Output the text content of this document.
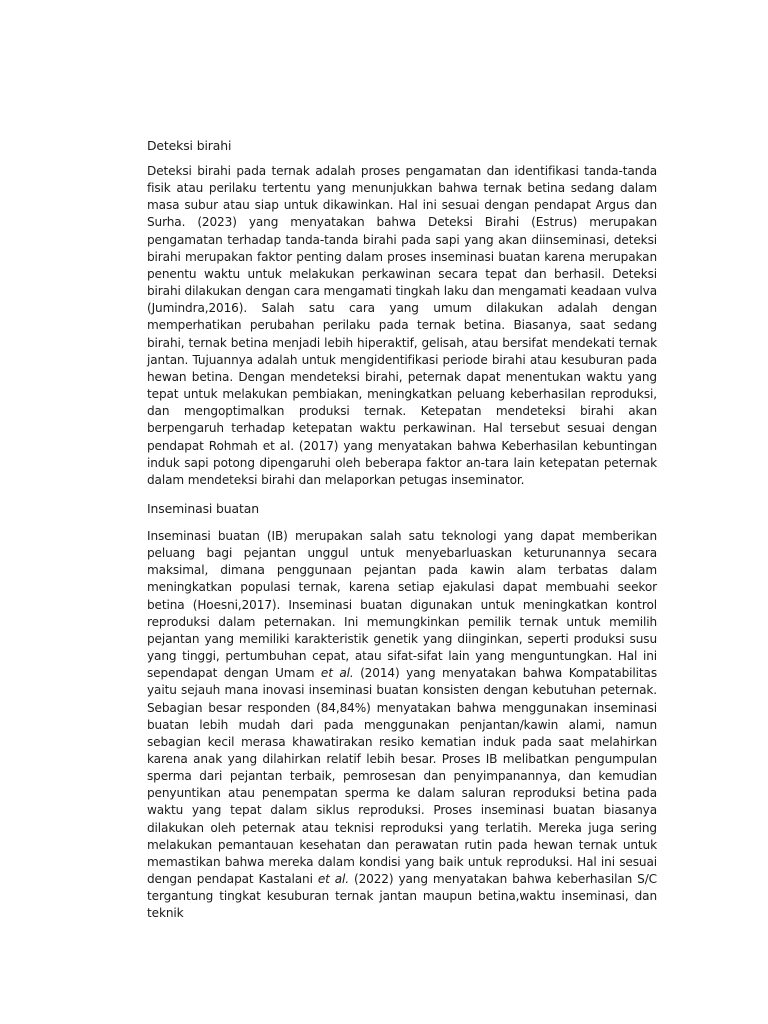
Deteksi birahi

Deteksi birahi pada ternak adalah proses pengamatan dan identifikasi tanda-tanda fisik atau perilaku tertentu yang menunjukkan bahwa ternak betina sedang dalam masa subur atau siap untuk dikawinkan. Hal ini sesuai dengan pendapat Argus dan Surha. (2023) yang menyatakan bahwa Deteksi Birahi (Estrus) merupakan pengamatan terhadap tanda-tanda birahi pada sapi yang akan diinseminasi, deteksi birahi merupakan faktor penting dalam proses inseminasi buatan karena merupakan penentu waktu untuk melakukan perkawinan secara tepat dan berhasil. Deteksi birahi dilakukan dengan cara mengamati tingkah laku dan mengamati keadaan vulva (Jumindra,2016). Salah satu cara yang umum dilakukan adalah dengan memperhatikan perubahan perilaku pada ternak betina. Biasanya, saat sedang birahi, ternak betina menjadi lebih hiperaktif, gelisah, atau bersifat mendekati ternak jantan. Tujuannya adalah untuk mengidentifikasi periode birahi atau kesuburan pada hewan betina. Dengan mendeteksi birahi, peternak dapat menentukan waktu yang tepat untuk melakukan pembiakan, meningkatkan peluang keberhasilan reproduksi, dan mengoptimalkan produksi ternak. Ketepatan mendeteksi birahi akan berpengaruh terhadap ketepatan waktu perkawinan. Hal tersebut sesuai dengan pendapat Rohmah et al. (2017) yang menyatakan bahwa Keberhasilan kebuntingan induk sapi potong dipengaruhi oleh beberapa faktor an-tara lain ketepatan peternak dalam mendeteksi birahi dan melaporkan petugas inseminator.

Inseminasi buatan

Inseminasi buatan (IB) merupakan salah satu teknologi yang dapat memberikan peluang bagi pejantan unggul untuk menyebarluaskan keturunannya secara maksimal, dimana penggunaan pejantan pada kawin alam terbatas dalam meningkatkan populasi ternak, karena setiap ejakulasi dapat membuahi seekor betina (Hoesni,2017). Inseminasi buatan digunakan untuk meningkatkan kontrol reproduksi dalam peternakan. Ini memungkinkan pemilik ternak untuk memilih pejantan yang memiliki karakteristik genetik yang diinginkan, seperti produksi susu yang tinggi, pertumbuhan cepat, atau sifat-sifat lain yang menguntungkan. Hal ini sependapat dengan Umam et al. (2014) yang menyatakan bahwa Kompatabilitas yaitu sejauh mana inovasi inseminasi buatan konsisten dengan kebutuhan peternak. Sebagian besar responden (84,84%) menyatakan bahwa menggunakan inseminasi buatan lebih mudah dari pada menggunakan penjantan/kawin alami, namun sebagian kecil merasa khawatirakan resiko kematian induk pada saat melahirkan karena anak yang dilahirkan relatif lebih besar. Proses IB melibatkan pengumpulan sperma dari pejantan terbaik, pemrosesan dan penyimpanannya, dan kemudian penyuntikan atau penempatan sperma ke dalam saluran reproduksi betina pada waktu yang tepat dalam siklus reproduksi. Proses inseminasi buatan biasanya dilakukan oleh peternak atau teknisi reproduksi yang terlatih. Mereka juga sering melakukan pemantauan kesehatan dan perawatan rutin pada hewan ternak untuk memastikan bahwa mereka dalam kondisi yang baik untuk reproduksi. Hal ini sesuai dengan pendapat Kastalani et al. (2022) yang menyatakan bahwa keberhasilan S/C tergantung tingkat kesuburan ternak jantan maupun betina,waktu inseminasi, dan teknik
